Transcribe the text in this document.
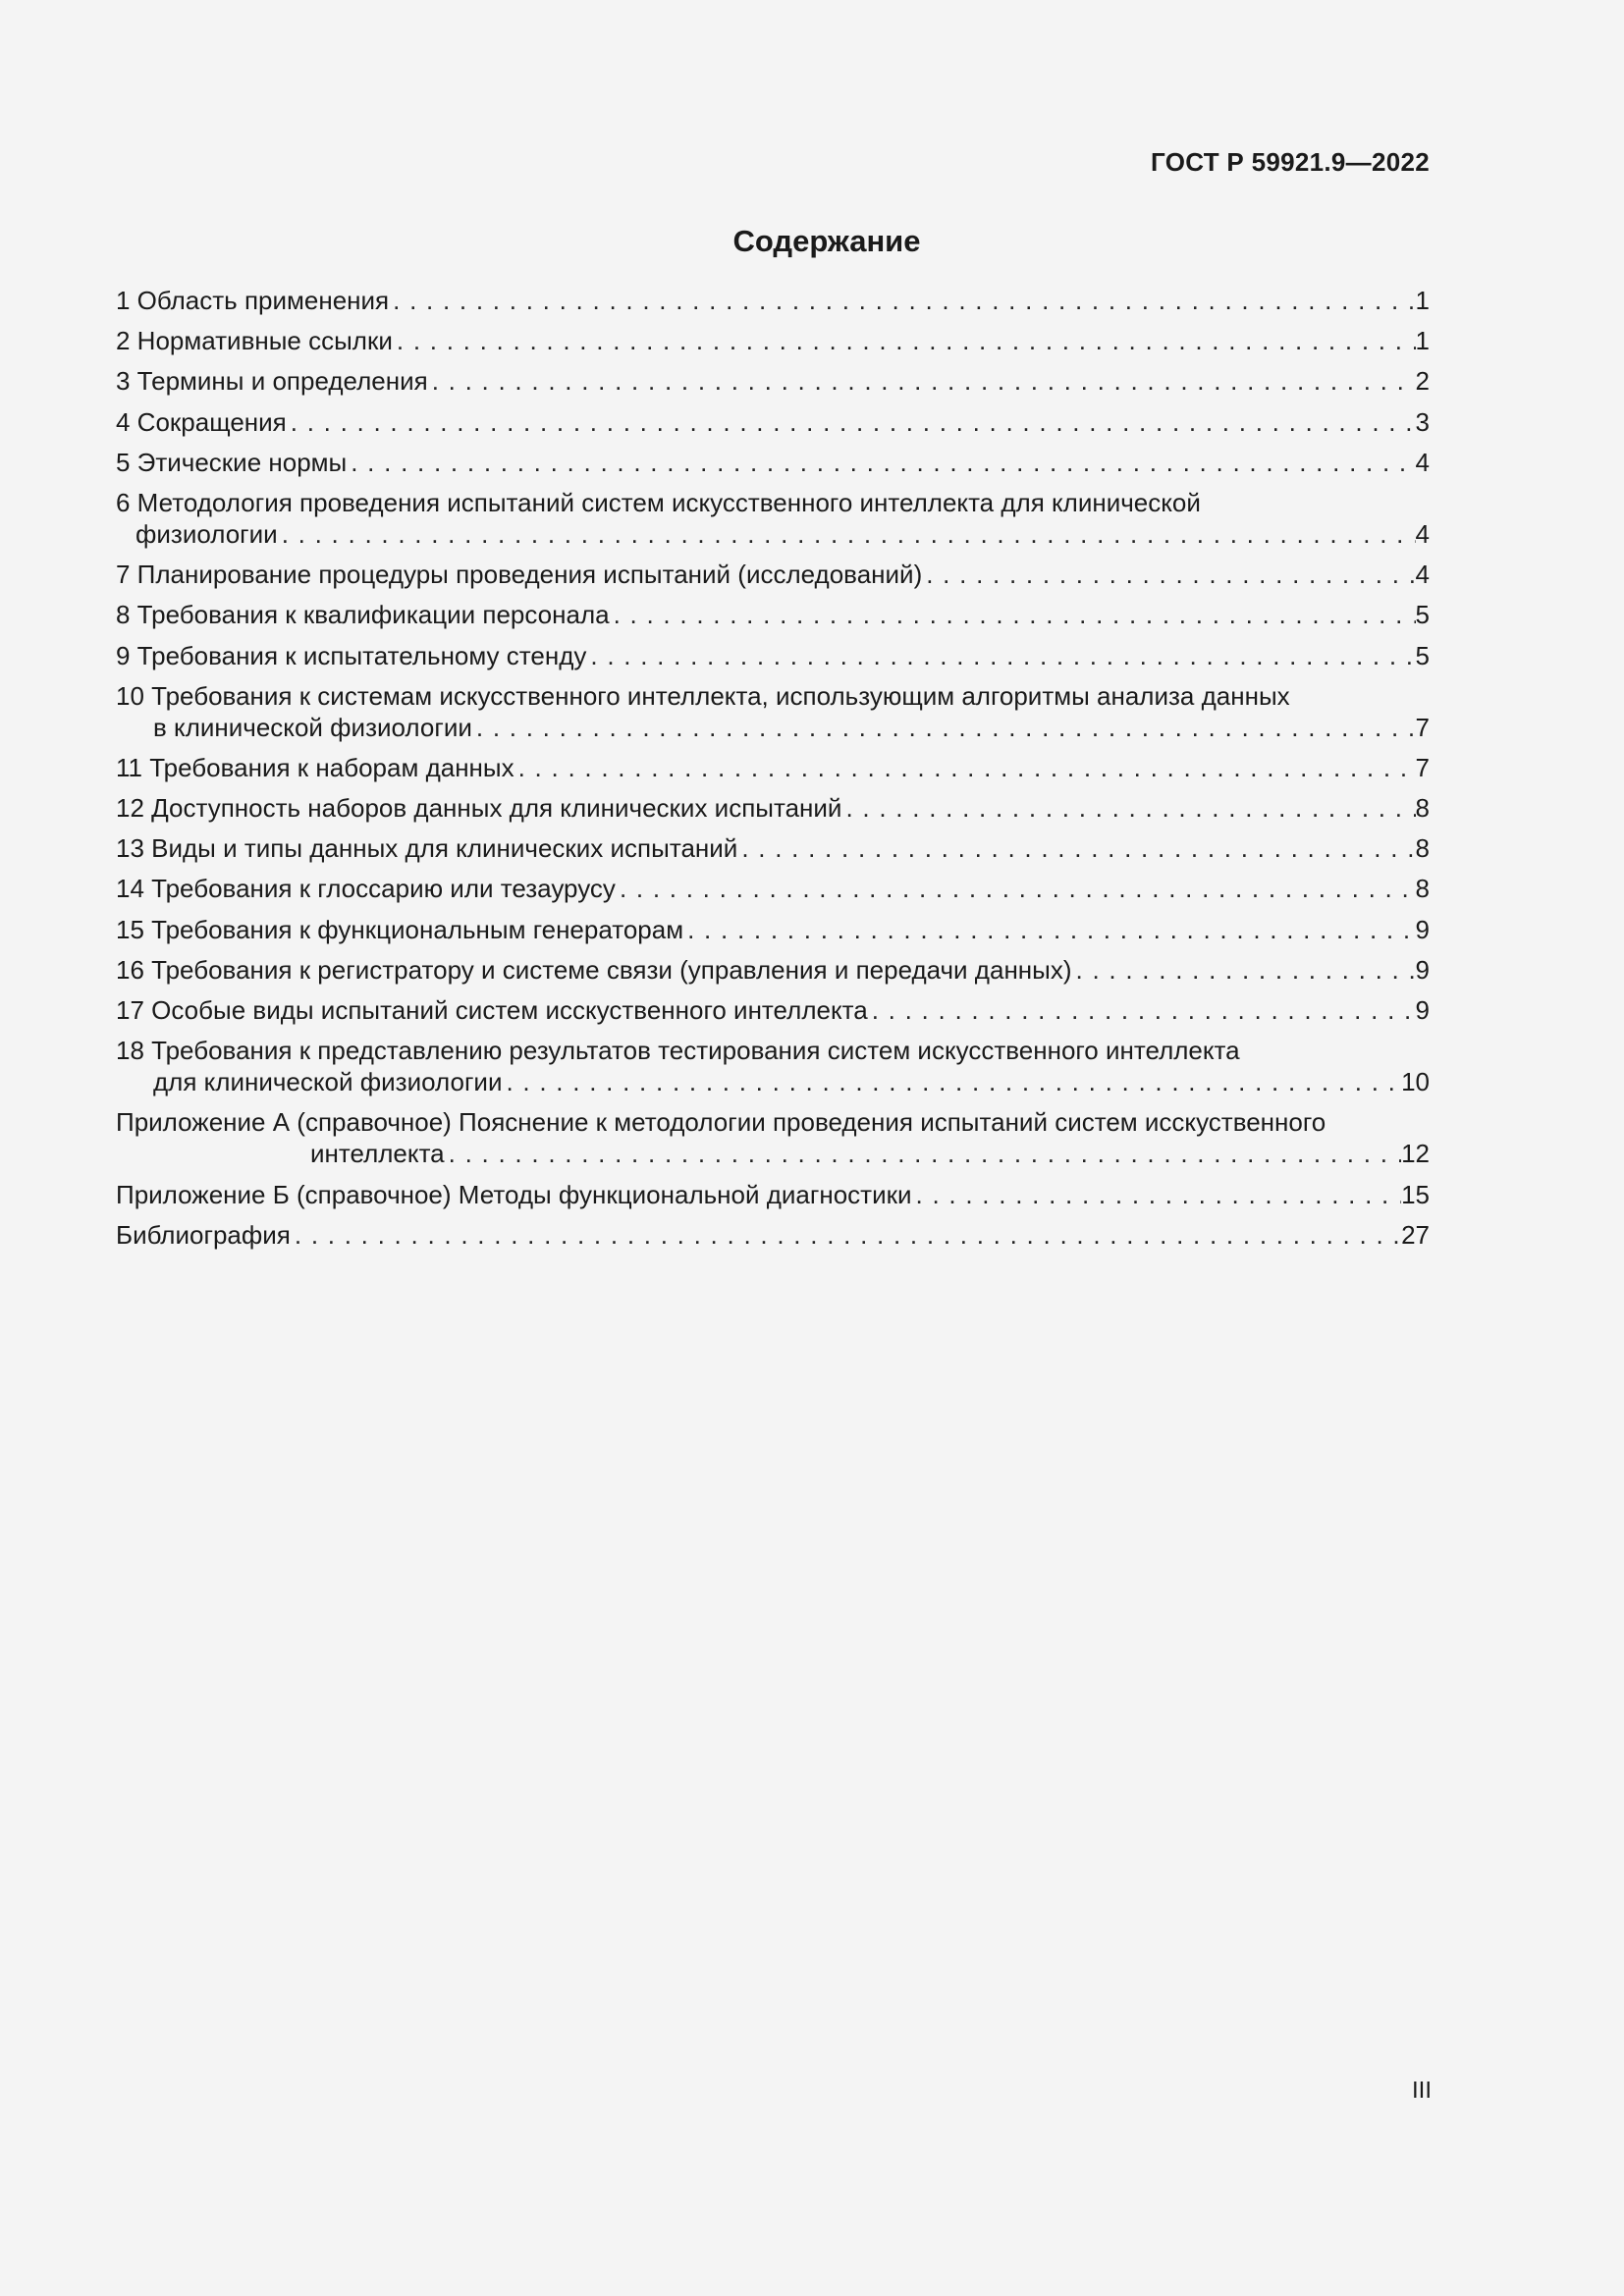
ГОСТ Р 59921.9—2022
Содержание
1 Область применения . . .	1
2 Нормативные ссылки . . .	1
3 Термины и определения . . .	2
4 Сокращения . . .	3
5 Этические нормы . . .	4
6 Методология проведения испытаний систем искусственного интеллекта для клинической
физиологии . . .	4
7 Планирование процедуры проведения испытаний (исследований) . . .	4
8 Требования к квалификации персонала . . .	5
9 Требования к испытательному стенду . . .	5
10 Требования к системам искусственного интеллекта, использующим алгоритмы анализа данных
в клинической физиологии . . .	7
11 Требования к наборам данных . . .	7
12 Доступность наборов данных для клинических испытаний . . .	8
13 Виды и типы данных для клинических испытаний . . .	8
14 Требования к глоссарию или тезаурусу . . .	8
15 Требования к функциональным генераторам . . .	9
16 Требования к регистратору и системе связи (управления и передачи данных) . . .	9
17 Особые виды испытаний систем исскуственного интеллекта . . .	9
18 Требования к представлению результатов тестирования систем искусственного интеллекта
для клинической физиологии . . .	10
Приложение А (справочное) Пояснение к методологии проведения испытаний систем исскуственного
интеллекта . . .	12
Приложение Б (справочное) Методы функциональной диагностики . . .	15
Библиография . . .	27
III
